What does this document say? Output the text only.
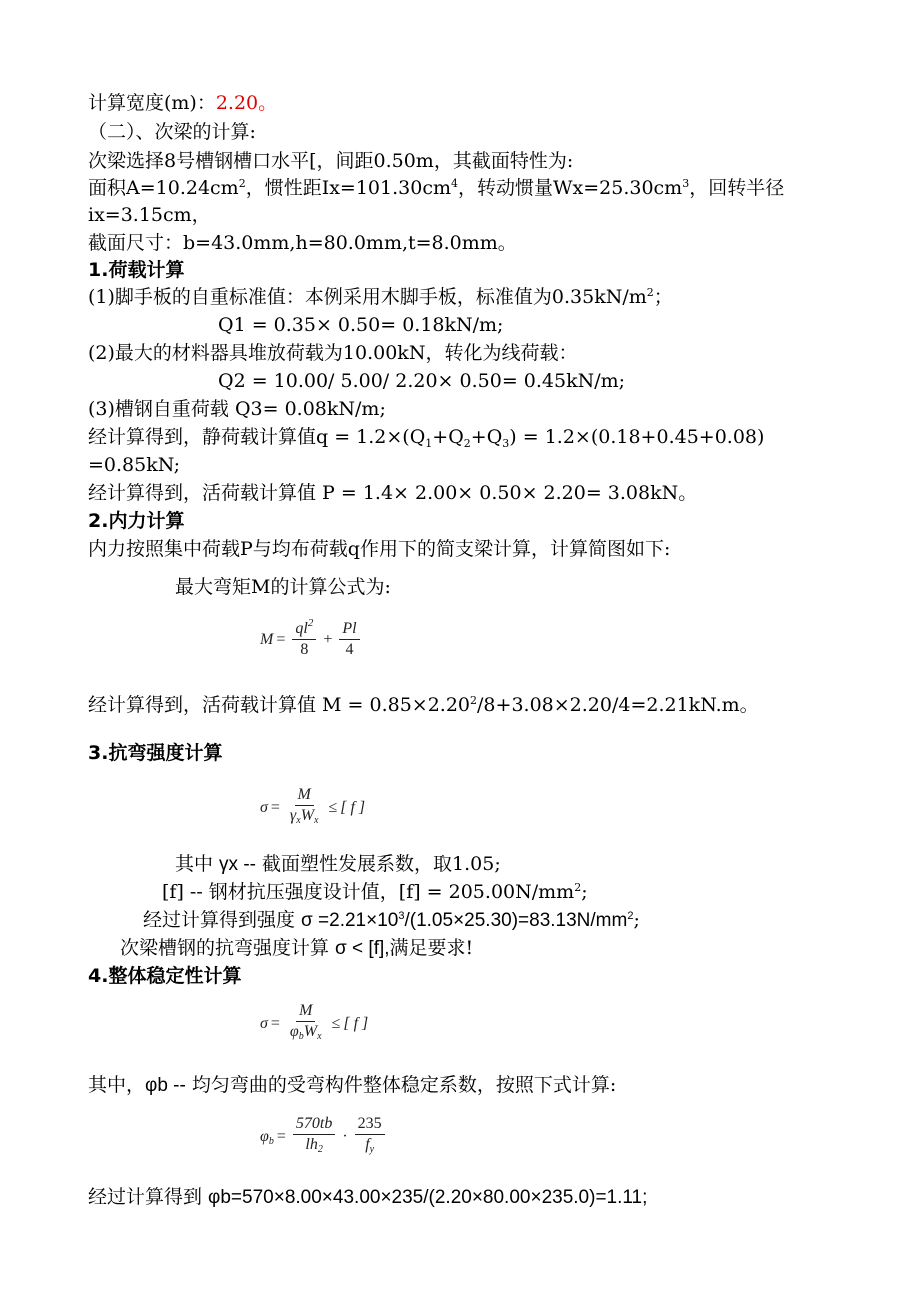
计算宽度(m)：2.20。

（二）、次梁的计算:

次梁选择8号槽钢槽口水平[，间距0.50m，其截面特性为:

面积$A=10.24cm^2$，惯性距$Ix=101.30cm^4$，转动惯量$Wx=25.30cm^3$，回转半径

ix=3.15cm，

截面尺寸：b=43.0mm,h=80.0mm,t=8.0mm。

1.荷载计算

(1)脚手板的自重标准值：本例采用木脚手板，标准值为$0.35kN/m^2$；

Q1 = 0.35× 0.50= 0.18kN/m;

(2)最大的材料器具堆放荷载为10.00kN，转化为线荷载：

Q2 = 10.00/ 5.00/ 2.20× 0.50= 0.45kN/m;

(3)槽钢自重荷载 Q3= 0.08kN/m;

经计算得到，静荷载计算值$q = 1.2\times(Q_1+Q_2+Q_3) = 1.2\times(0.18+0.45+0.08)$

=0.85kN;

经计算得到，活荷载计算值 P = 1.4× 2.00× 0.50× 2.20= 3.08kN。

2.内力计算

内力按照集中荷载P与均布荷载q作用下的简支梁计算，计算简图如下:

最大弯矩M的计算公式为:

$M = \frac{ql^2}{8} + \frac{Pl}{4}$

经计算得到，活荷载计算值 $M = 0.85\times 2.20^2/8+3.08\times 2.20/4=2.21kN.m$。

3.抗弯强度计算

$\sigma = \frac{M}{\text{γxWx}}$ ≤ [ f ]

其中 γx -- 截面塑性发展系数，取1.05;

[f] -- 钢材抗压强度设计值，$[f] = 205.00N/mm^2$;

经过计算得到强度 $\sigma =2.21\times 10^3/(1.05\times 25.30)=83.13N/mm^2$;

次梁槽钢的抗弯强度计算 σ < [f],满足要求!

4.整体稳定性计算

$\sigma = \frac{M}{\text{φbWx}}$ ≤ [ f ]

其中，φb -- 均匀弯曲的受弯构件整体稳定系数，按照下式计算:

$\varphi b = \frac{570tb}{lh2} \cdot \frac{235}{fy}$

经过计算得到 φb=570×8.00×43.00×235/(2.20×80.00×235.0)=1.11;
